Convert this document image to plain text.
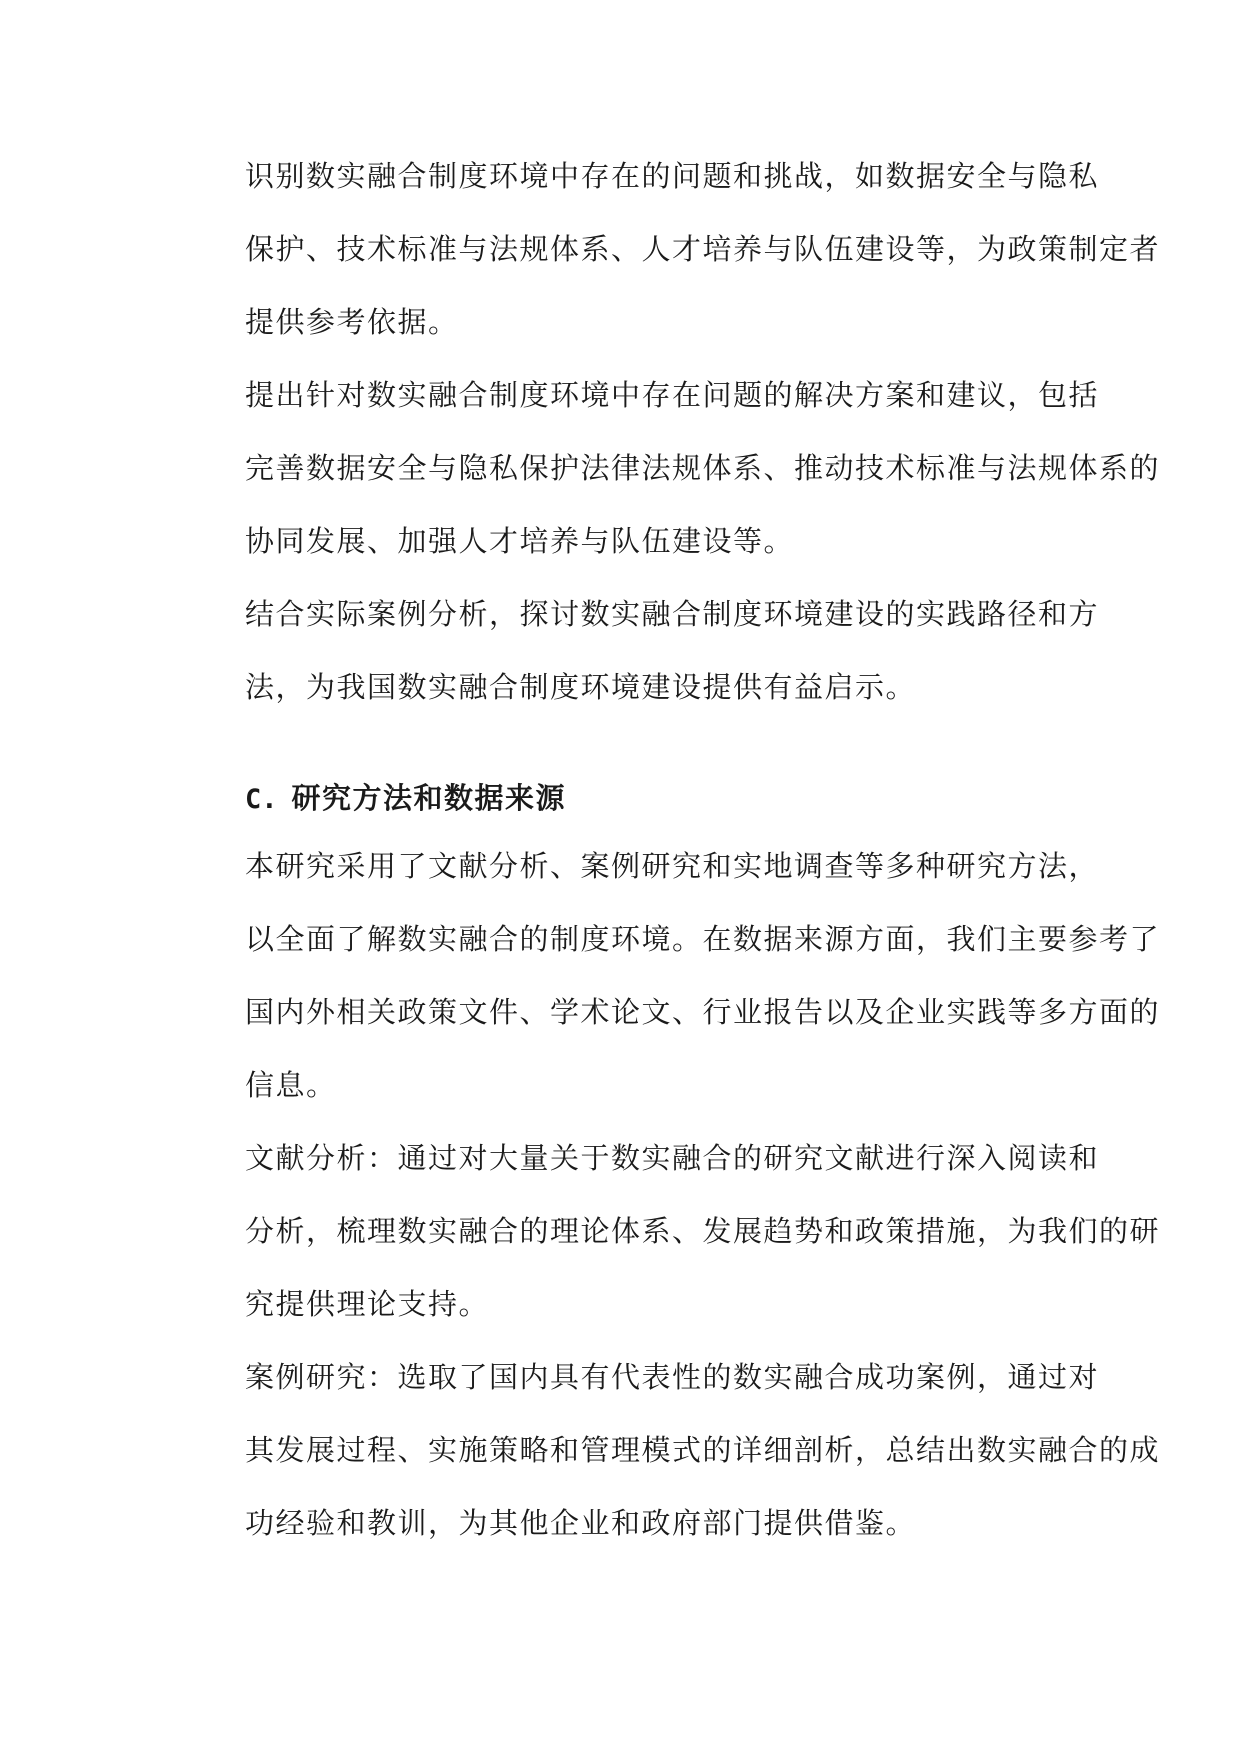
识别数实融合制度环境中存在的问题和挑战，如数据安全与隐私
保护、技术标准与法规体系、人才培养与队伍建设等，为政策制定者
提供参考依据。

提出针对数实融合制度环境中存在问题的解决方案和建议，包括
完善数据安全与隐私保护法律法规体系、推动技术标准与法规体系的
协同发展、加强人才培养与队伍建设等。

结合实际案例分析，探讨数实融合制度环境建设的实践路径和方
法，为我国数实融合制度环境建设提供有益启示。

C. 研究方法和数据来源

本研究采用了文献分析、案例研究和实地调查等多种研究方法，
以全面了解数实融合的制度环境。在数据来源方面，我们主要参考了
国内外相关政策文件、学术论文、行业报告以及企业实践等多方面的
信息。

文献分析：通过对大量关于数实融合的研究文献进行深入阅读和
分析，梳理数实融合的理论体系、发展趋势和政策措施，为我们的研
究提供理论支持。

案例研究：选取了国内具有代表性的数实融合成功案例，通过对
其发展过程、实施策略和管理模式的详细剖析，总结出数实融合的成
功经验和教训，为其他企业和政府部门提供借鉴。
